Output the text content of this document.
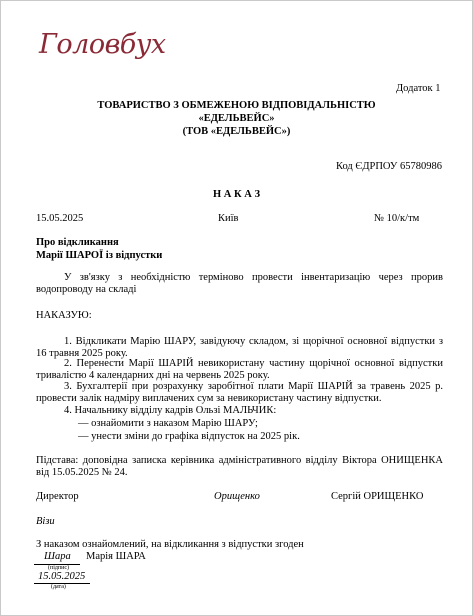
Головбух
Додаток 1
ТОВАРИСТВО З ОБМЕЖЕНОЮ ВІДПОВІДАЛЬНІСТЮ
«ЕДЕЛЬВЕЙС»
(ТОВ «ЕДЕЛЬВЕЙС»)
Код ЄДРПОУ 65780986
Н А К А З
15.05.2025	Київ	№ 10/к/тм
Про відкликання
Марії ШАРОЇ із відпустки
У зв'язку з необхідністю терміново провести інвентаризацію через прорив водопроводу на складі
НАКАЗУЮ:
1. Відкликати Марію ШАРУ, завідуючу складом, зі щорічної основної відпустки з 16 травня 2025 року.
2. Перенести Марії ШАРІЙ невикористану частину щорічної основної відпустки тривалістю 4 календарних дні на червень 2025 року.
3. Бухгалтерії при розрахунку заробітної плати Марії ШАРІЙ за травень 2025 р. провести залік надміру виплачених сум за невикористану частину відпустки.
4. Начальнику відділу кадрів Ользі МАЛЬЧИК:
— ознайомити з наказом Марію ШАРУ;
— унести зміни до графіка відпусток на 2025 рік.
Підстава: доповідна записка керівника адміністративного відділу Віктора ОНИЩЕНКА від 15.05.2025 № 24.
Директор	Орищенко	Сергій ОРИЩЕНКО
Візи
З наказом ознайомлений, на відкликання з відпустки згоден
Шара Марія ШАРА
(підпис)
15.05.2025
(дата)
